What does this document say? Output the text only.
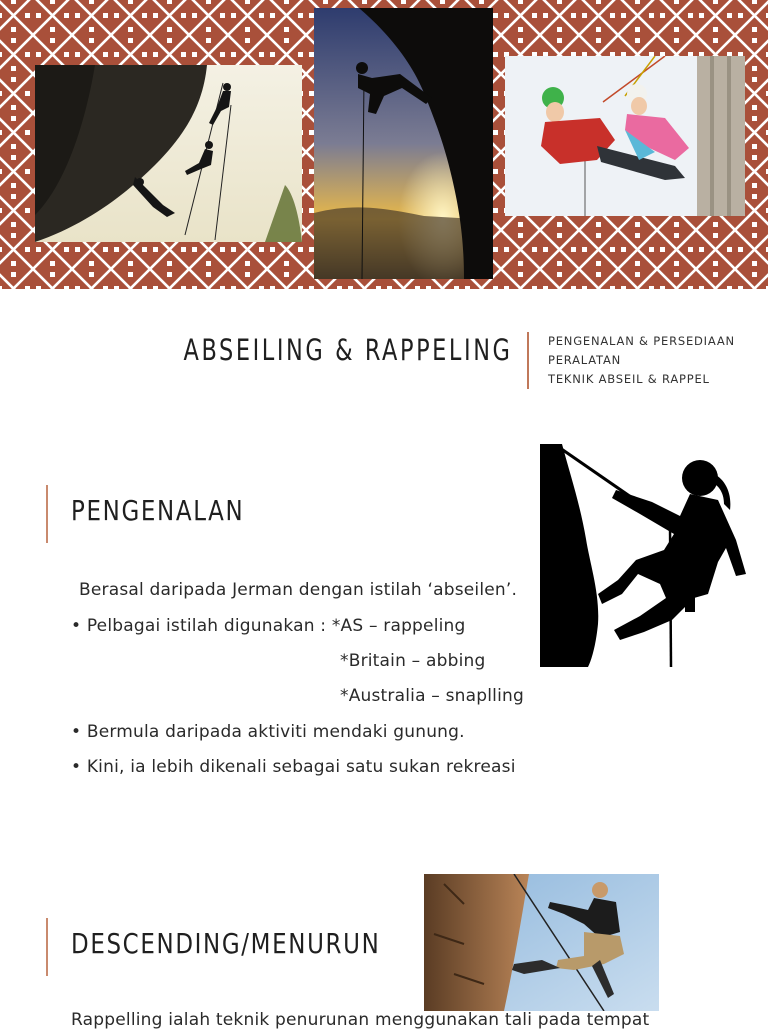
ABSEILING & RAPPELING	PENGENALAN & PERSEDIAAN
PERALATAN
TEKNIK ABSEIL & RAPPEL
PENGENALAN
Berasal daripada Jerman dengan istilah ‘abseilen’.
• Pelbagai istilah digunakan : *AS – rappeling
*Britain – abbing
*Australia – snaplling
• Bermula daripada aktiviti mendaki gunung.
• Kini, ia lebih dikenali sebagai satu sukan rekreasi
DESCENDING/MENURUN
Rappelling ialah teknik penurunan menggunakan tali pada tempat
